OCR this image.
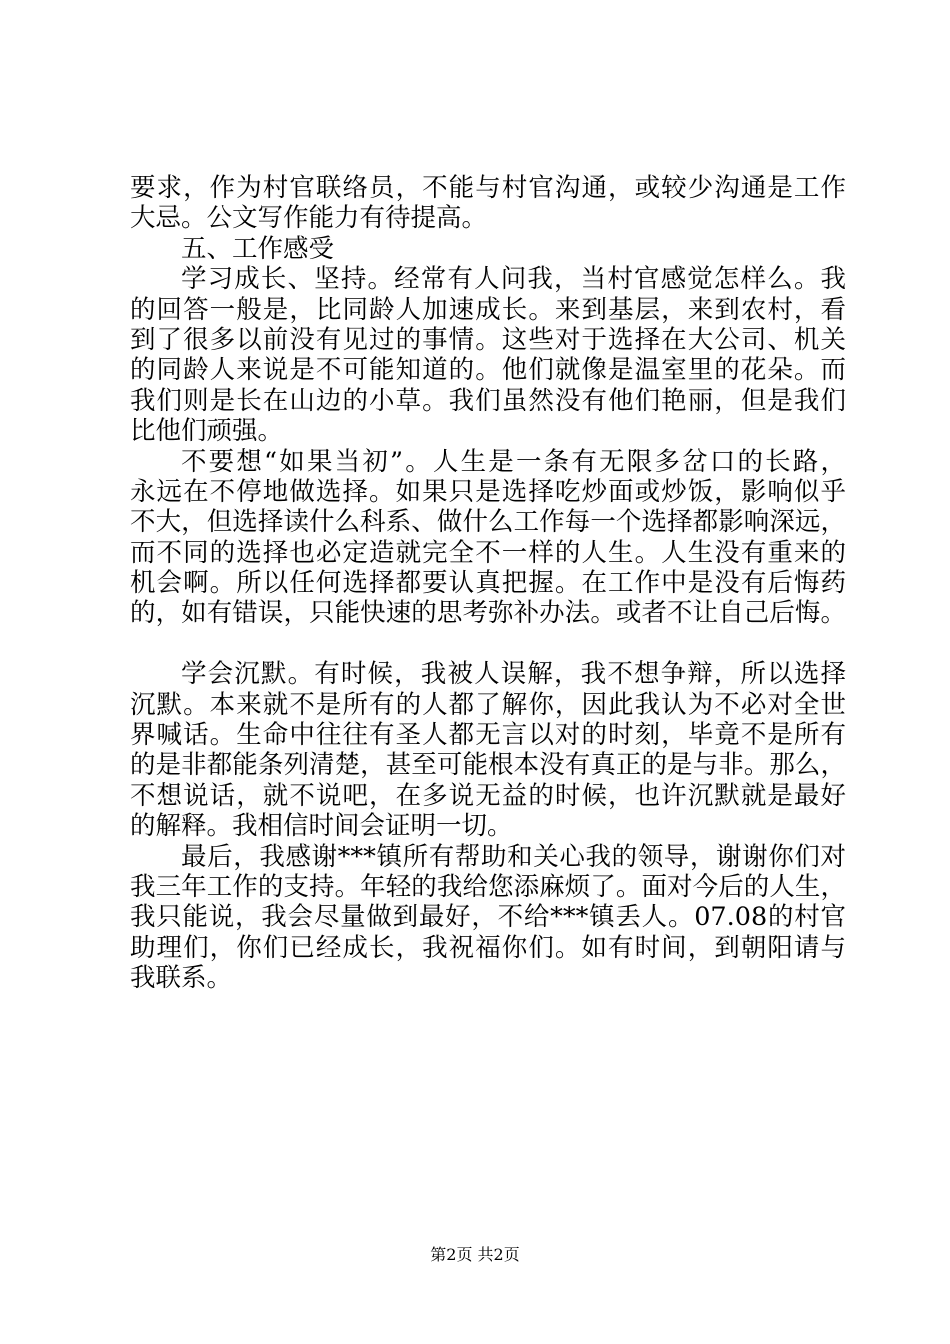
要求，作为村官联络员，不能与村官沟通，或较少沟通是工作
大忌。公文写作能力有待提高。
五、工作感受
学习成长、坚持。经常有人问我，当村官感觉怎样么。我
的回答一般是，比同龄人加速成长。来到基层，来到农村，看
到了很多以前没有见过的事情。这些对于选择在大公司、机关
的同龄人来说是不可能知道的。他们就像是温室里的花朵。而
我们则是长在山边的小草。我们虽然没有他们艳丽，但是我们
比他们顽强。
不要想“如果当初”。人生是一条有无限多岔口的长路，
永远在不停地做选择。如果只是选择吃炒面或炒饭，影响似乎
不大，但选择读什么科系、做什么工作每一个选择都影响深远，
而不同的选择也必定造就完全不一样的人生。人生没有重来的
机会啊。所以任何选择都要认真把握。在工作中是没有后悔药
的，如有错误，只能快速的思考弥补办法。或者不让自己后悔。
学会沉默。有时候，我被人误解，我不想争辩，所以选择
沉默。本来就不是所有的人都了解你，因此我认为不必对全世
界喊话。生命中往往有圣人都无言以对的时刻，毕竟不是所有
的是非都能条列清楚，甚至可能根本没有真正的是与非。那么，
不想说话，就不说吧，在多说无益的时候，也许沉默就是最好
的解释。我相信时间会证明一切。
最后，我感谢***镇所有帮助和关心我的领导，谢谢你们对
我三年工作的支持。年轻的我给您添麻烦了。面对今后的人生，
我只能说，我会尽量做到最好，不给***镇丢人。07.08的村官
助理们，你们已经成长，我祝福你们。如有时间，到朝阳请与
我联系。
第2页 共2页
